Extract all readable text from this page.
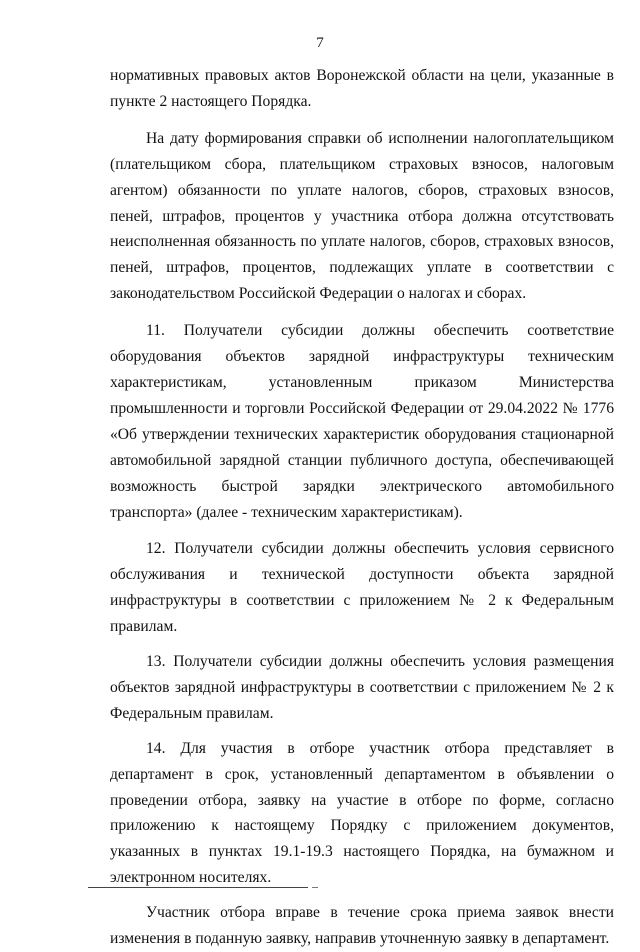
7

нормативных правовых актов Воронежской области на цели, указанные в пункте 2 настоящего Порядка.

На дату формирования справки об исполнении налогоплательщиком (плательщиком сбора, плательщиком страховых взносов, налоговым агентом) обязанности по уплате налогов, сборов, страховых взносов, пеней, штрафов, процентов у участника отбора должна отсутствовать неисполненная обязанность по уплате налогов, сборов, страховых взносов, пеней, штрафов, процентов, подлежащих уплате в соответствии с законодательством Российской Федерации о налогах и сборах.

11. Получатели субсидии должны обеспечить соответствие оборудования объектов зарядной инфраструктуры техническим характеристикам, установленным приказом Министерства промышленности и торговли Российской Федерации от 29.04.2022 № 1776 «Об утверждении технических характеристик оборудования стационарной автомобильной зарядной станции публичного доступа, обеспечивающей возможность быстрой зарядки электрического автомобильного транспорта» (далее - техническим характеристикам).

12. Получатели субсидии должны обеспечить условия сервисного обслуживания и технической доступности объекта зарядной инфраструктуры в соответствии с приложением № 2 к Федеральным правилам.

13. Получатели субсидии должны обеспечить условия размещения объектов зарядной инфраструктуры в соответствии с приложением № 2 к Федеральным правилам.

14. Для участия в отборе участник отбора представляет в департамент в срок, установленный департаментом в объявлении о проведении отбора, заявку на участие в отборе по форме, согласно приложению к настоящему Порядку с приложением документов, указанных в пунктах 19.1-19.3 настоящего Порядка, на бумажном и электронном носителях.

Участник отбора вправе в течение срока приема заявок внести изменения в поданную заявку, направив уточненную заявку в департамент.
